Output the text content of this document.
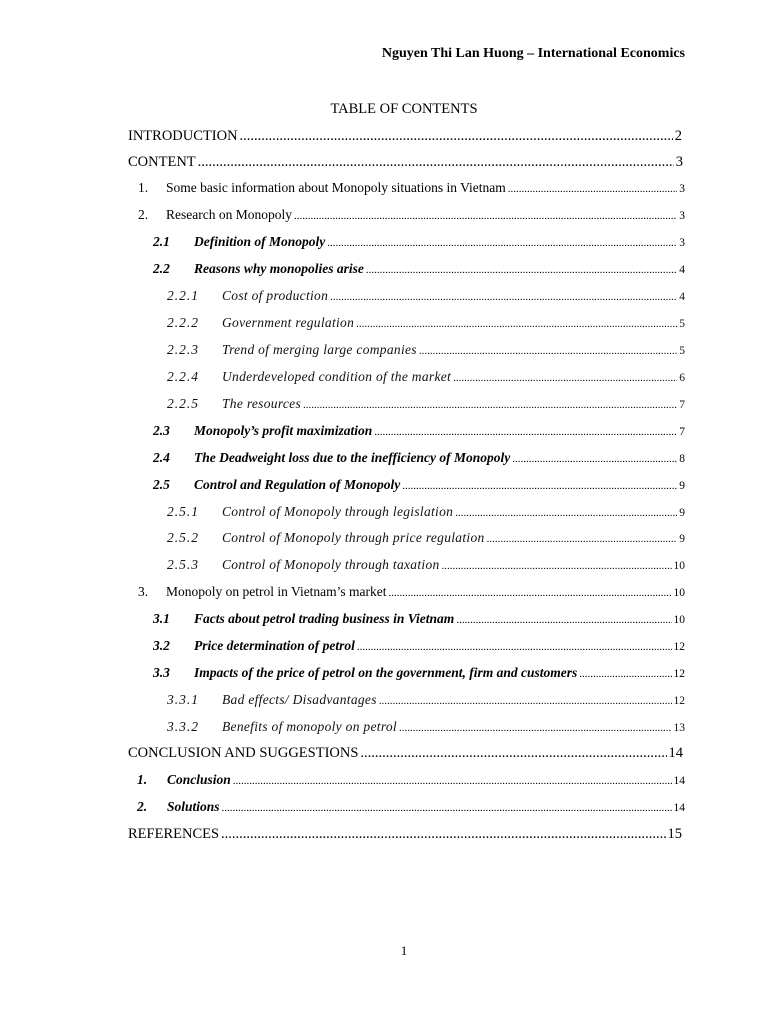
Nguyen Thi Lan Huong – International Economics
TABLE OF CONTENTS
INTRODUCTION .....	2
CONTENT .....	3
1.	Some basic information about Monopoly situations in Vietnam .....	3
2.	Research on Monopoly .....	3
2.1	Definition of Monopoly .....	3
2.2	Reasons why monopolies arise .....	4
2.2.1	Cost of production .....	4
2.2.2	Government regulation .....	5
2.2.3	Trend of merging large companies .....	5
2.2.4	Underdeveloped condition of the market .....	6
2.2.5	The resources .....	7
2.3	Monopoly’s profit maximization .....	7
2.4	The Deadweight loss due to the inefficiency of Monopoly .....	8
2.5	Control and Regulation of Monopoly .....	9
2.5.1	Control of Monopoly through legislation .....	9
2.5.2	Control of Monopoly through price regulation .....	9
2.5.3	Control of Monopoly through taxation .....	10
3.	Monopoly on petrol in Vietnam’s market .....	10
3.1	Facts about petrol trading business in Vietnam .....	10
3.2	Price determination of petrol .....	12
3.3	Impacts of the price of petrol on the government, firm and customers .....	12
3.3.1	Bad effects/ Disadvantages .....	12
3.3.2	Benefits of monopoly on petrol .....	13
CONCLUSION AND SUGGESTIONS .....	14
1.	Conclusion .....	14
2.	Solutions .....	14
REFERENCES .....	15
1
